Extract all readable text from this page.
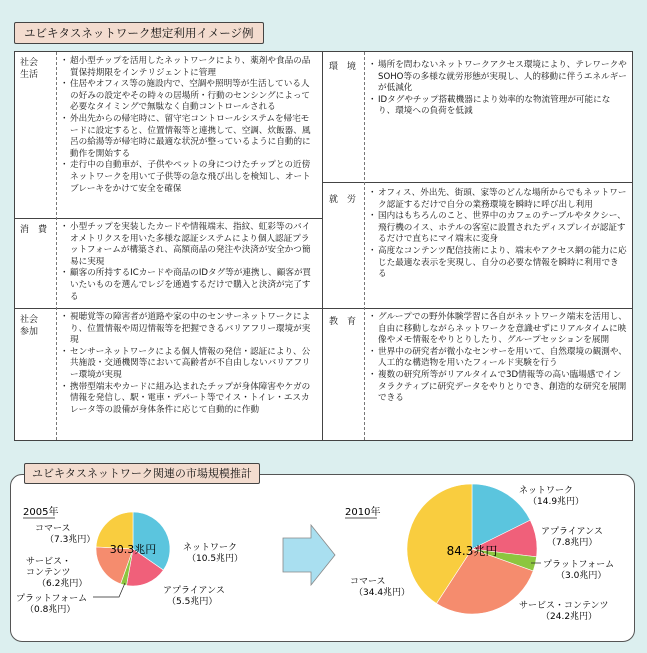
ユビキタスネットワーク想定利用イメージ例
社会
生活
・ 超小型チップを活用したネットワークにより、薬剤や食品の品質保持期限をインテリジェントに管理
・ 住居やオフィス等の施設内で、空調や照明等が生活している人の好みの設定やその時々の居場所・行動のセンシングによって必要なタイミングで無駄なく自動コントロールされる
・ 外出先からの帰宅時に、留守宅コントロールシステムを帰宅モードに設定すると、位置情報等と連携して、空調、炊飯器、風呂の給湯等が帰宅時に最適な状況が整っているように自動的に動作を開始する
・ 走行中の自動車が、子供やペットの身につけたチップとの近傍ネットワークを用いて子供等の急な飛び出しを検知し、オートブレーキをかけて安全を確保
消　費	・ 小型チップを実装したカードや情報端末、指紋、虹彩等のバイオメトリクスを用いた多様な認証システムにより個人認証プラットフォームが構築され、高額商品の発注や決済が安全かつ簡易に実現
・ 顧客の所持するICカードや商品のIDタグ等が連携し、顧客が買いたいものを選んでレジを通過するだけで購入と決済が完了する
社会
参加
・ 視聴覚等の障害者が道路や家の中のセンサーネットワークにより、位置情報や周辺情報等を把握できるバリアフリー環境が実現
・ センサーネットワークによる個人情報の発信・認証により、公共施設・交通機関等において高齢者が不自由しないバリアフリー環境が実現
・ 携帯型端末やカードに組み込まれたチップが身体障害やケガの情報を発信し、駅・電車・デパート等でイス・トイレ・エスカレータ等の設備が身体条件に応じて自動的に作動
環　境	・ 場所を問わないネットワークアクセス環境により、テレワークやSOHO等の多様な就労形態が実現し、人的移動に伴うエネルギーが低減化
・ IDタグやチップ搭載機器により効率的な物流管理が可能になり、環境への負荷を低減
就　労
・ オフィス、外出先、街頭、家等のどんな場所からでもネットワーク認証するだけで自分の業務環境を瞬時に呼び出し利用
・ 国内はもちろんのこと、世界中のカフェのテーブルやタクシー、飛行機のイス、ホテルの客室に設置されたディスプレイが認証するだけで直ちにマイ端末に変身
・ 高度なコンテンツ配信技術により、端末やアクセス網の能力に応じた最適な表示を実現し、自分の必要な情報を瞬時に利用できる
教　育	・ グループでの野外体験学習に各自がネットワーク端末を活用し、自由に移動しながらネットワークを意識せずにリアルタイムに映像やメモ情報をやりとりしたり、グループセッションを展開
・ 世界中の研究者が微小なセンサーを用いて、自然環境の観測や、人工的な構造物を用いたフィールド実験を行う
・ 複数の研究所等がリアルタイムで3D情報等の高い臨場感でインタラクティブに研究データをやりとりでき、創造的な研究を展開できる
2005年
30.3兆円
コマース
（7.3兆円）
サービス・
コンテンツ
（6.2兆円）
プラットフォーム
（0.8兆円）
ネットワーク
（10.5兆円）
アプライアンス
（5.5兆円）
2010年
84.3兆円
ネットワーク
（14.9兆円）
アプライアンス
（7.8兆円）
プラットフォーム
（3.0兆円）
サービス・コンテンツ
（24.2兆円）
コマース
（34.4兆円）
ユビキタスネットワーク関連の市場規模推計
